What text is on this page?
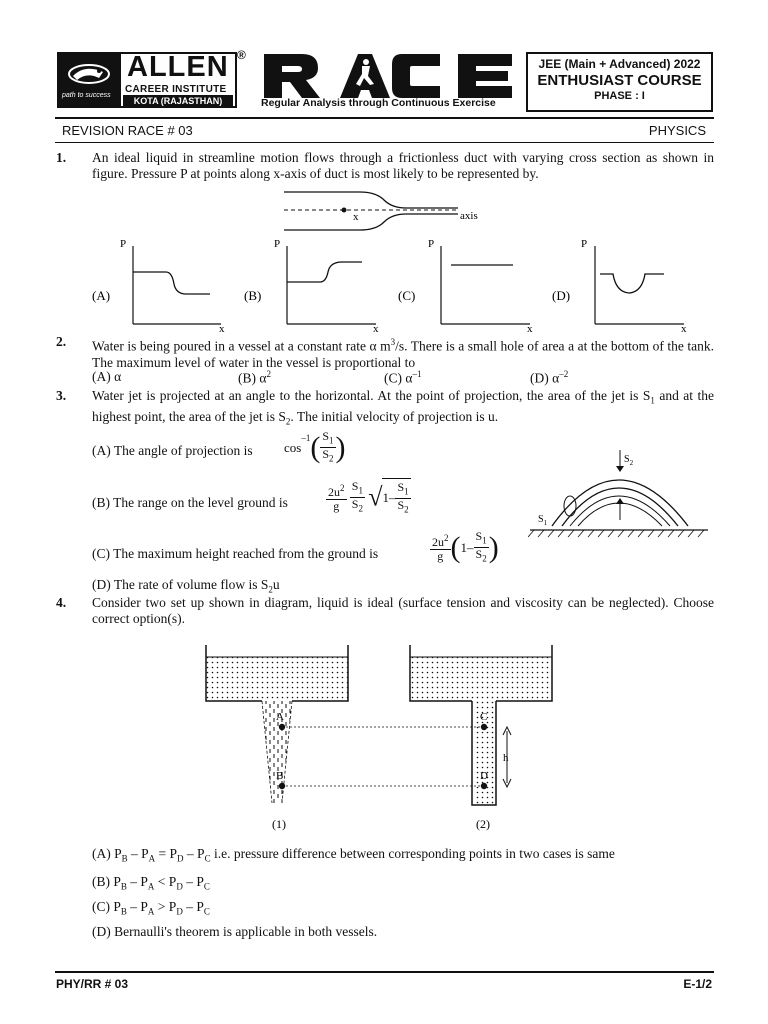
path to success
ALLEN
CAREER INSTITUTE
KOTA (RAJASTHAN)
®
Regular Analysis through Continuous Exercise
JEE (Main + Advanced) 2022
ENTHUSIAST COURSE
PHASE : I
REVISION RACE # 03	PHYSICS
1. An ideal liquid in streamline motion flows through a frictionless duct with varying cross section as shown in figure. Pressure P at points along x-axis of duct is most likely to be represented by.
x	axis
P
x
(A)
P
x
(B)
P
x
(C)
P
x
(D)
2. Water is being poured in a vessel at a constant rate α $m^3/s$. There is a small hole of area a at the bottom of the tank. The maximum level of water in the vessel is proportional to
(A) α	(B) $\alpha^2$	(C) $\alpha^{-1}$	(D) $\alpha^{-2}$
3. Water jet is projected at an angle to the horizontal. At the point of projection, the area of the jet is $S_1$ and at the highest point, the area of the jet is $S_2$. The initial velocity of projection is u.
(A) The angle of projection is $\cos^{-1}( \frac{S_1}{S_2}$ )
(B) The range on the level ground is	$\frac{2u^2}{g}$
$\frac{S_1}{S_2} √1- \frac{S_1}{S_2}$
(C) The maximum height reached from the ground is	$\frac{2u^2}{g} (1- \frac{S_1}{S_2}$ )
(D) The rate of volume flow is $S_2u$
$S_2$
$S_1$
4. Consider two set up shown in diagram, liquid is ideal (surface tension and viscosity can be neglected). Choose correct option(s).
A
B
(1)
C
D
(2)
h
(A) $P_B - P_A = P_D - P_C$ i.e. pressure difference between corresponding points in two cases is same
(B) $P_B - P_A < P_D - P_C$
(C) $P_B - P_A > P_D - P_C$
(D) Bernaulli's theorem is applicable in both vessels.
PHY/RR # 03	E-1/2
